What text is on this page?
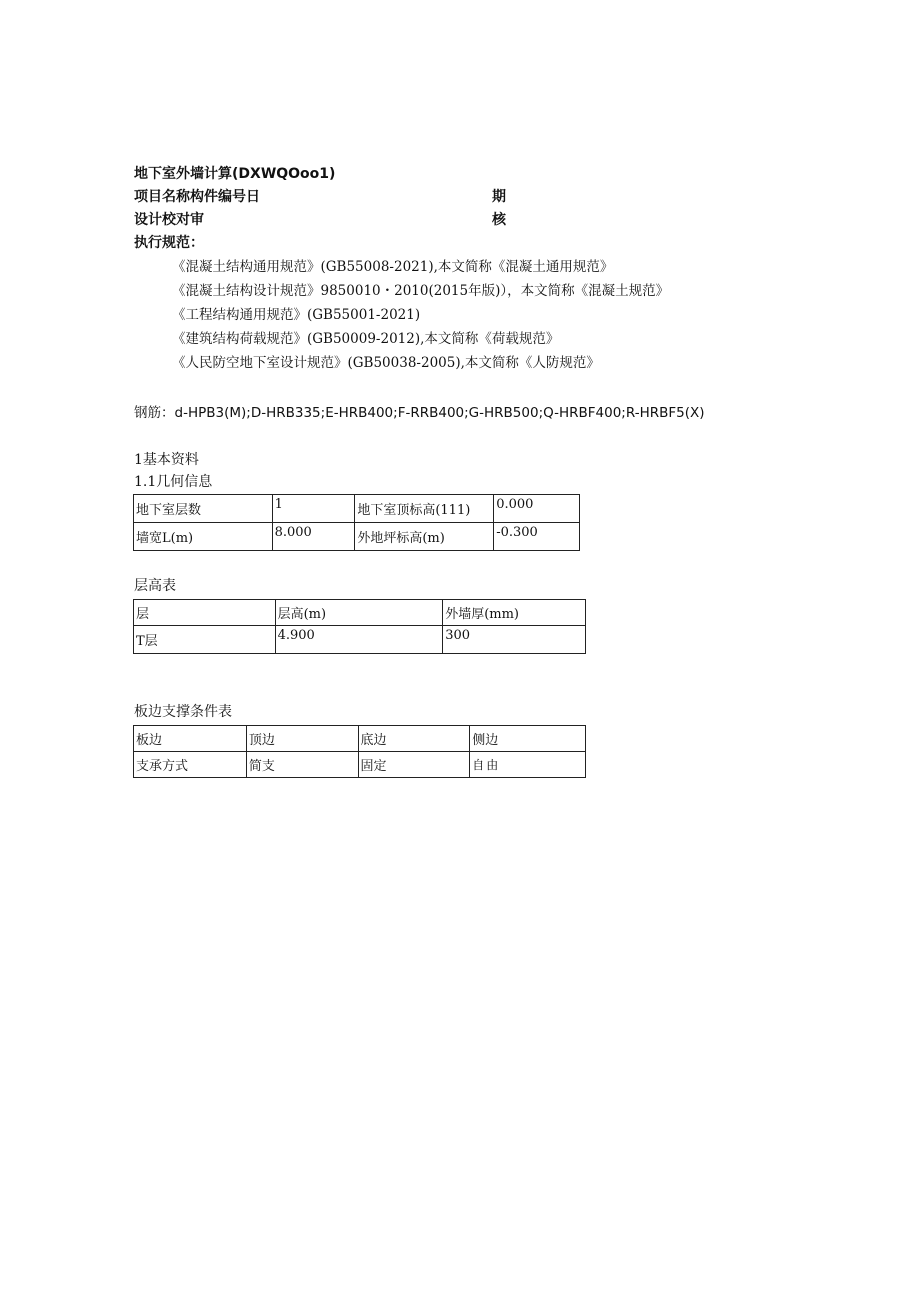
地下室外墙计算(DXWQOoo1)
项目名称构件编号日	期
设计校对审	核
执行规范：
《混凝土结构通用规范》(GB55008-2021),本文简称《混凝土通用规范》
《混凝土结构设计规范》9850010・2010(2015年版)），本文简称《混凝土规范》
《工程结构通用规范》(GB55001-2021)
《建筑结构荷载规范》(GB50009-2012),本文简称《荷载规范》
《人民防空地下室设计规范》(GB50038-2005),本文简称《人防规范》
钢筋：d-HPB3(M);D-HRB335;E-HRB400;F-RRB400;G-HRB500;Q-HRBF400;R-HRBF5(X)
1基本资料
1.1几何信息
地下室层数	1	地下室顶标高(111)	0.000
墙宽L(m)	8.000	外地坪标高(m)	-0.300
层高表
层	层高(m)	外墙厚(mm)
T层	4.900	300
板边支撑条件表
板边	顶边	底边	侧边
支承方式	简支	固定	自由
